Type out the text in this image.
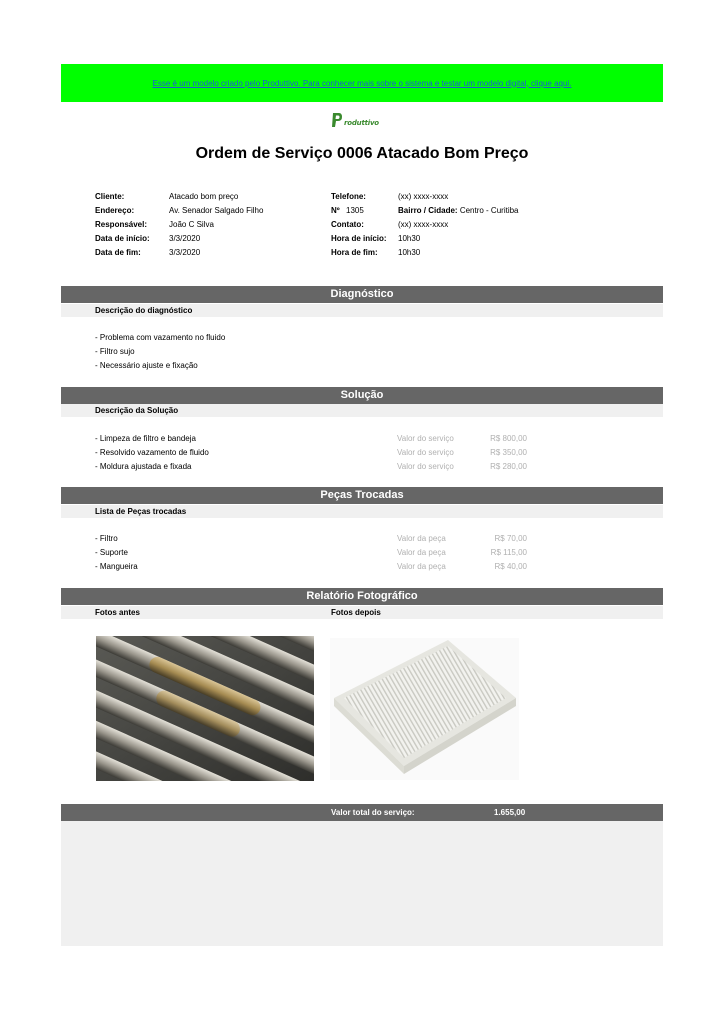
Esse é um modelo criado pelo Produttivo. Para conhecer mais sobre o sistema e testar um modelo digital, clique aqui.
roduttivo
Ordem de Serviço 0006 Atacado Bom Preço
Cliente:
Endereço:
Responsável:
Data de início:
Data de fim:
Atacado bom preço
Av. Senador Salgado Filho
João C Silva
3/3/2020
3/3/2020
Telefone:
Nº
Contato:
Hora de início:
Hora de fim:
1305
(xx) xxxx-xxxx
Bairro / Cidade: Centro - Curitiba
(xx) xxxx-xxxx
10h30
10h30
Diagnóstico
Descrição do diagnóstico
- Problema com vazamento no fluido
- Filtro sujo
- Necessário ajuste e fixação
Solução
Descrição da Solução
- Limpeza de filtro e bandeja
- Resolvido vazamento de fluido
- Moldura ajustada e fixada
Valor do serviço
Valor do serviço
Valor do serviço
R$ 800,00
R$ 350,00
R$ 280,00
Peças Trocadas
Lista de Peças trocadas
- Filtro
- Suporte
- Mangueira
Valor da peça
Valor da peça
Valor da peça
R$ 70,00
R$ 115,00
R$ 40,00
Relatório Fotográfico
Fotos antes	Fotos depois
Valor total do serviço:	1.655,00
